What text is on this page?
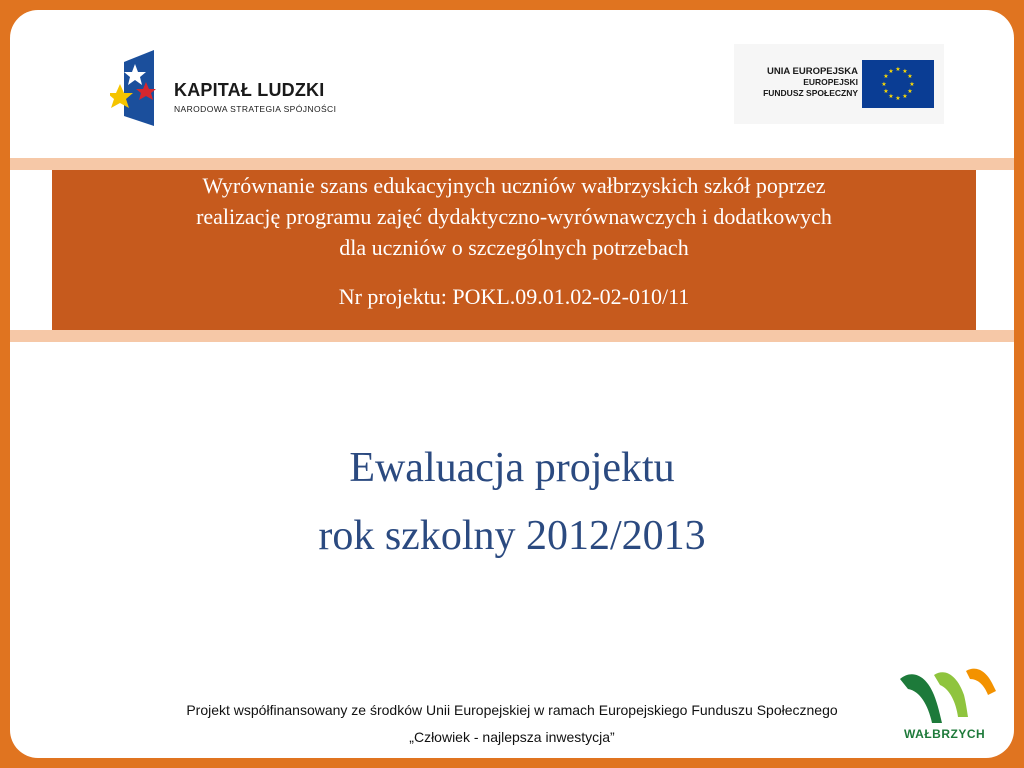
KAPITAŁ LUDZKI
NARODOWA STRATEGIA SPÓJNOŚCI
UNIA EUROPEJSKA
EUROPEJSKI
FUNDUSZ SPOŁECZNY
★ ★
★
★
★
★
★
★
★
★
★
★
Wyrównanie szans edukacyjnych uczniów wałbrzyskich szkół poprzez
realizację programu zajęć dydaktyczno-wyrównawczych i dodatkowych
dla uczniów o szczególnych potrzebach
Nr projektu: POKL.09.01.02-02-010/11
Ewaluacja projektu
rok szkolny 2012/2013
Projekt współfinansowany ze środków Unii Europejskiej w ramach Europejskiego Funduszu Społecznego
„Człowiek - najlepsza inwestycja”	WAŁBRZYCH
